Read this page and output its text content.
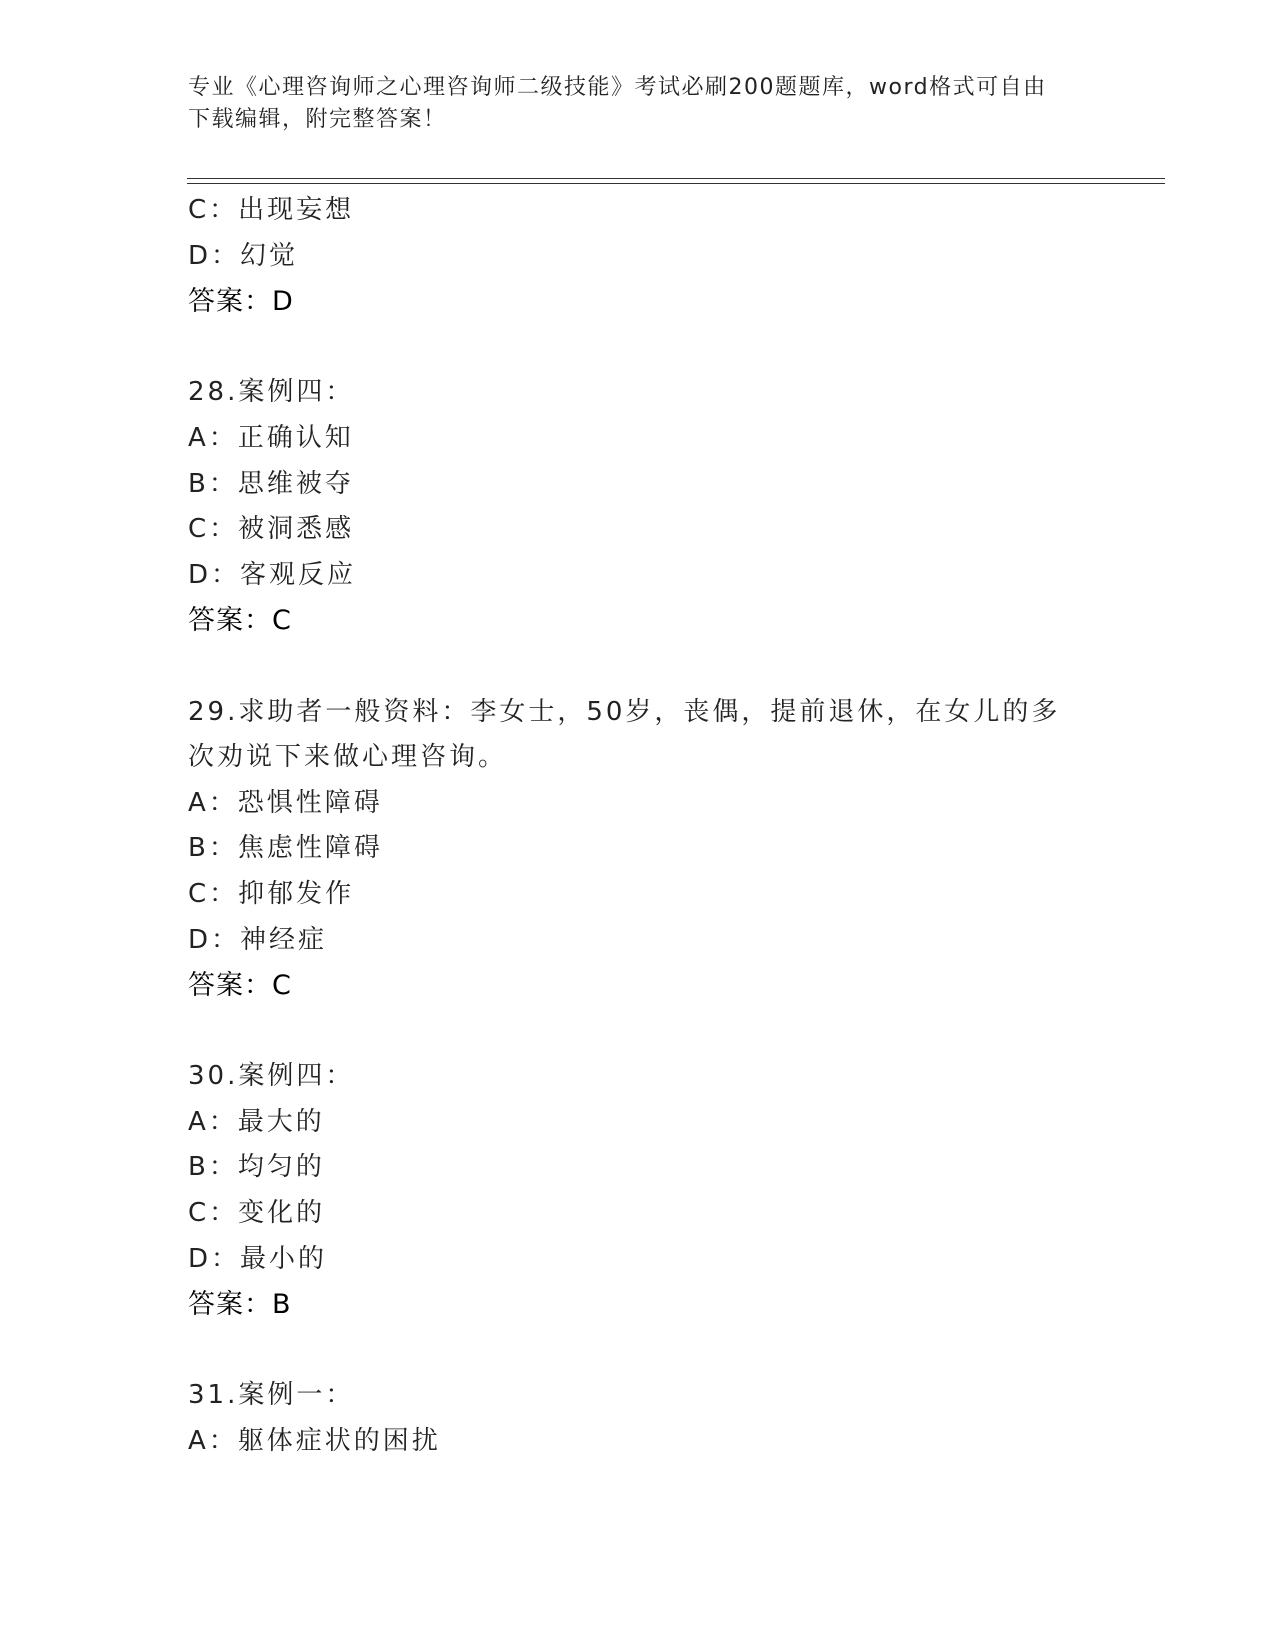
专业《心理咨询师之心理咨询师二级技能》考试必刷200题题库，word格式可自由下载编辑，附完整答案！
C：出现妄想
D：幻觉
答案：D
28.案例四：
A：正确认知
B：思维被夺
C：被洞悉感
D：客观反应
答案：C
29.求助者一般资料：李女士，50岁，丧偶，提前退休，在女儿的多次劝说下来做心理咨询。
A：恐惧性障碍
B：焦虑性障碍
C：抑郁发作
D：神经症
答案：C
30.案例四：
A：最大的
B：均匀的
C：变化的
D：最小的
答案：B
31.案例一：
A：躯体症状的困扰
